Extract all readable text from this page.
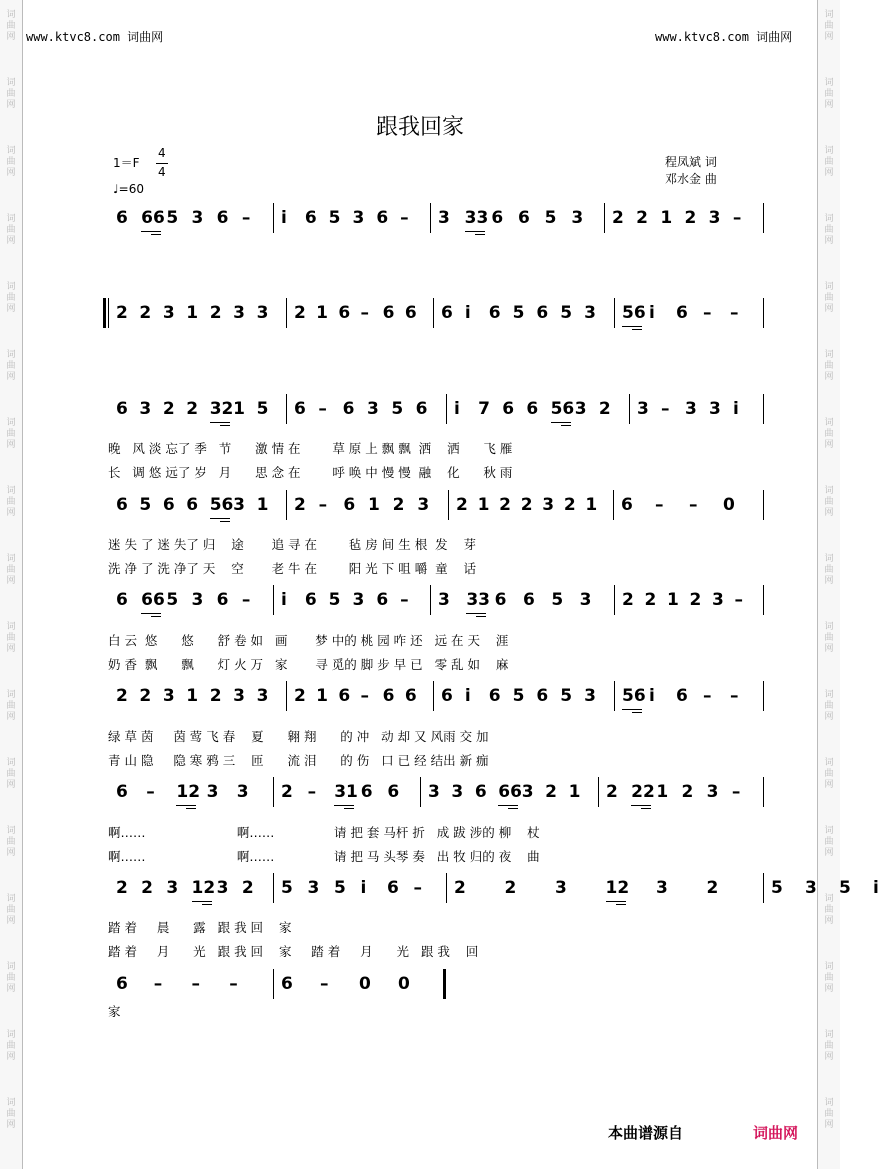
词
曲
网
词
曲
网
词
曲
网
词
曲
网
词
曲
网
词
曲
网
词
曲
网
词
曲
网
词
曲
网
词
曲
网
词
曲
网
词
曲
网
词
曲
网
词
曲
网
词
曲
网
词
曲
网
词
曲
网
词
曲
网
词
曲
网
词
曲
网
词
曲
网
词
曲
网
词
曲
网
词
曲
网
词
曲
网
词
曲
网
词
曲
网
词
曲
网
词
曲
网
词
曲
网
词
曲
网
词
曲
网
词
曲
网
词
曲
网
www.ktvc8.com 词曲网	www.ktvc8.com 词曲网
跟我回家
1＝F
4
4
♩=60
程凤斌 词
邓水金 曲
6 66 5 3 6 – i 6 5 3 6 – 3 33 6 6 5 3 2 2 1 2 3 –
2 2 3 1 2 3 3 2 1 6 – 6 6 6 i 6 5 6 5 3 56 i 6 – –
6 3 2 2 32 1 5 6 – 6 3 5 6 i 7 6 6 56 3 2 3 – 3 3 i
6 5 6 6 56 3 1 2 – 6 1 2 3 2 1 2 2 3 2 1 6 – – 0
6 66 5 3 6 – i 6 5 3 6 – 3 33 6 6 5 3 2 2 1 2 3 –
2 2 3 1 2 3 3 2 1 6 – 6 6 6 i 6 5 6 5 3 56 i 6 – –
6 – 12 3 3 2 – 31 6 6 3 3 6 66 3 2 1 2 22 1 2 3 –
2 2 3 12 3 2 5 3 5 i 6 – 2 2 3 12 3 2	5 3 5 i
6 – – –	6 – 0 0
晚   风 淡 忘了 季   节      激 情 在        草 原 上 飘 飘  洒    洒      飞 雁
长   调 悠 远了 岁   月      思 念 在        呼 唤 中 慢 慢  融    化      秋 雨
迷 失 了 迷 失了 归    途       追 寻 在        毡 房 间 生 根  发    芽
洗 净 了 洗 净了 天    空       老 牛 在        阳 光 下 咀 嚼  童    话
白 云  悠      悠      舒 卷 如   画       梦 中的 桃 园 咋 还   远 在 天    涯
奶 香  飘      飘      灯 火 万   家       寻 觅的 脚 步 早 已   零 乱 如    麻
绿 草 茵     茵 莺 飞 春    夏      翱 翔      的 冲   动 却 又 风雨 交 加
青 山 隐     隐 寒 鸦 三    匝      流 泪      的 伤   口 已 经 结出 新 痂
啊……                       啊……               请 把 套 马杆 折   成 跋 涉的 柳    杖
啊……                       啊……               请 把 马 头琴 奏   出 牧 归的 夜    曲
踏 着     晨      露   跟 我 回    家
踏 着     月      光   跟 我 回    家     踏 着     月      光   跟 我    回
家
本曲谱源自	词曲网
